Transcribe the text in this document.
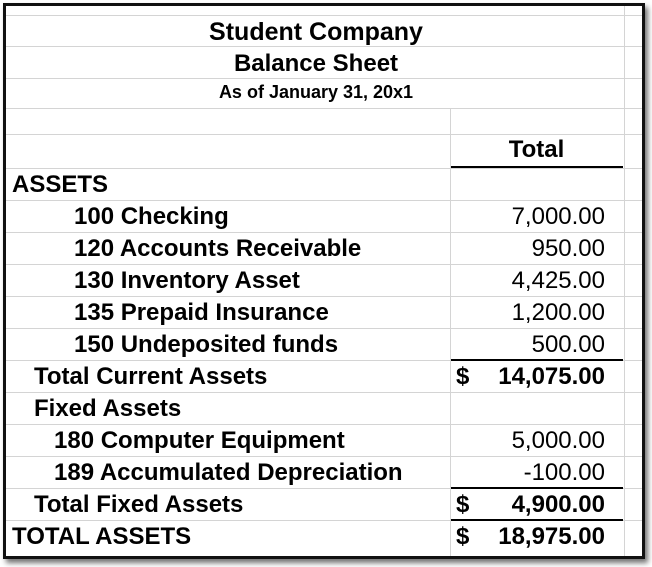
Student Company
Balance Sheet
As of January 31, 20x1
Total
ASSETS
100 Checking	7,000.00
120 Accounts Receivable	950.00
130 Inventory Asset	4,425.00
135 Prepaid Insurance	1,200.00
150 Undeposited funds	500.00
Total Current Assets	$ 14,075.00
Fixed Assets
180 Computer Equipment	5,000.00
189 Accumulated Depreciation	-100.00
Total Fixed Assets	$ 4,900.00
TOTAL ASSETS	$ 18,975.00
